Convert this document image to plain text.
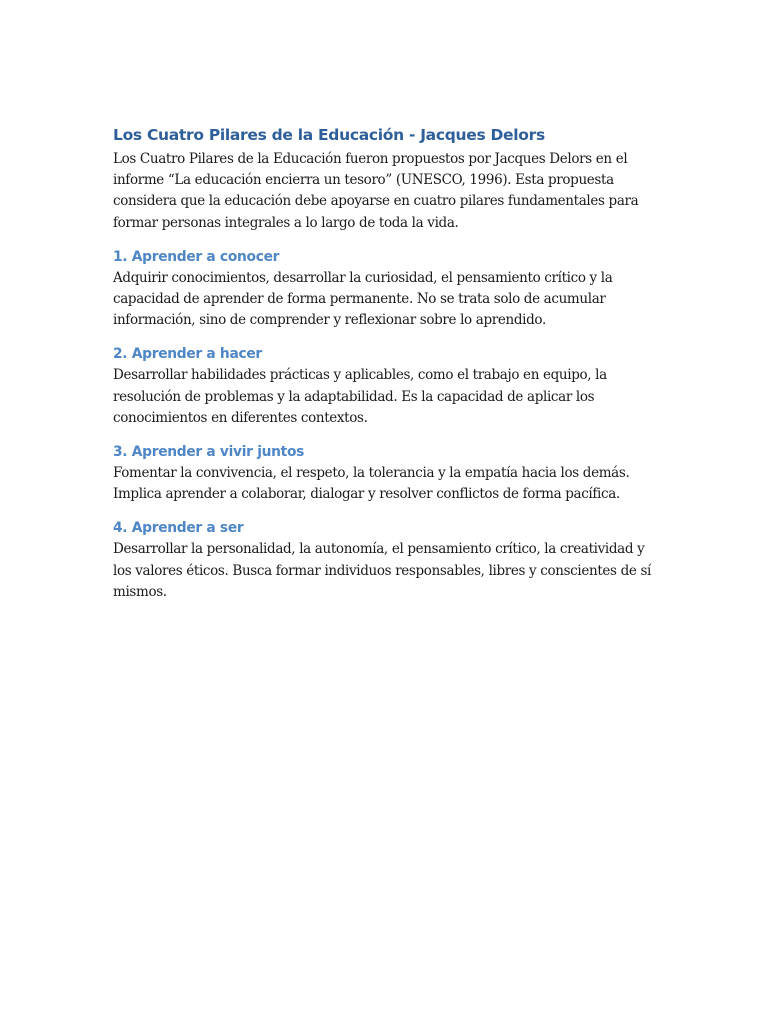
Los Cuatro Pilares de la Educación - Jacques Delors

Los Cuatro Pilares de la Educación fueron propuestos por Jacques Delors en el informe “La educación encierra un tesoro” (UNESCO, 1996). Esta propuesta considera que la educación debe apoyarse en cuatro pilares fundamentales para formar personas integrales a lo largo de toda la vida.

1. Aprender a conocer

Adquirir conocimientos, desarrollar la curiosidad, el pensamiento crítico y la capacidad de aprender de forma permanente. No se trata solo de acumular información, sino de comprender y reflexionar sobre lo aprendido.

2. Aprender a hacer

Desarrollar habilidades prácticas y aplicables, como el trabajo en equipo, la resolución de problemas y la adaptabilidad. Es la capacidad de aplicar los conocimientos en diferentes contextos.

3. Aprender a vivir juntos

Fomentar la convivencia, el respeto, la tolerancia y la empatía hacia los demás. Implica aprender a colaborar, dialogar y resolver conflictos de forma pacífica.

4. Aprender a ser

Desarrollar la personalidad, la autonomía, el pensamiento crítico, la creatividad y los valores éticos. Busca formar individuos responsables, libres y conscientes de sí mismos.
